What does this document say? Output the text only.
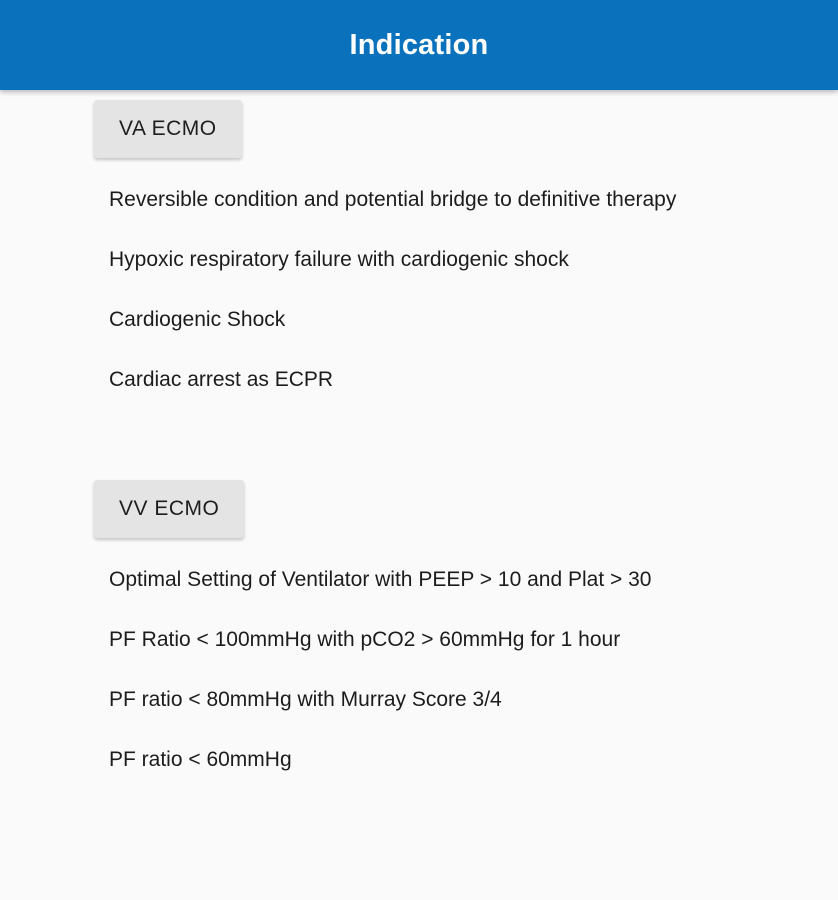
Indication
VA ECMO
Reversible condition and potential bridge to definitive therapy
Hypoxic respiratory failure with cardiogenic shock
Cardiogenic Shock
Cardiac arrest as ECPR
VV ECMO
Optimal Setting of Ventilator with PEEP > 10 and Plat > 30
PF Ratio < 100mmHg with pCO2 > 60mmHg for 1 hour
PF ratio < 80mmHg with Murray Score 3/4
PF ratio < 60mmHg
